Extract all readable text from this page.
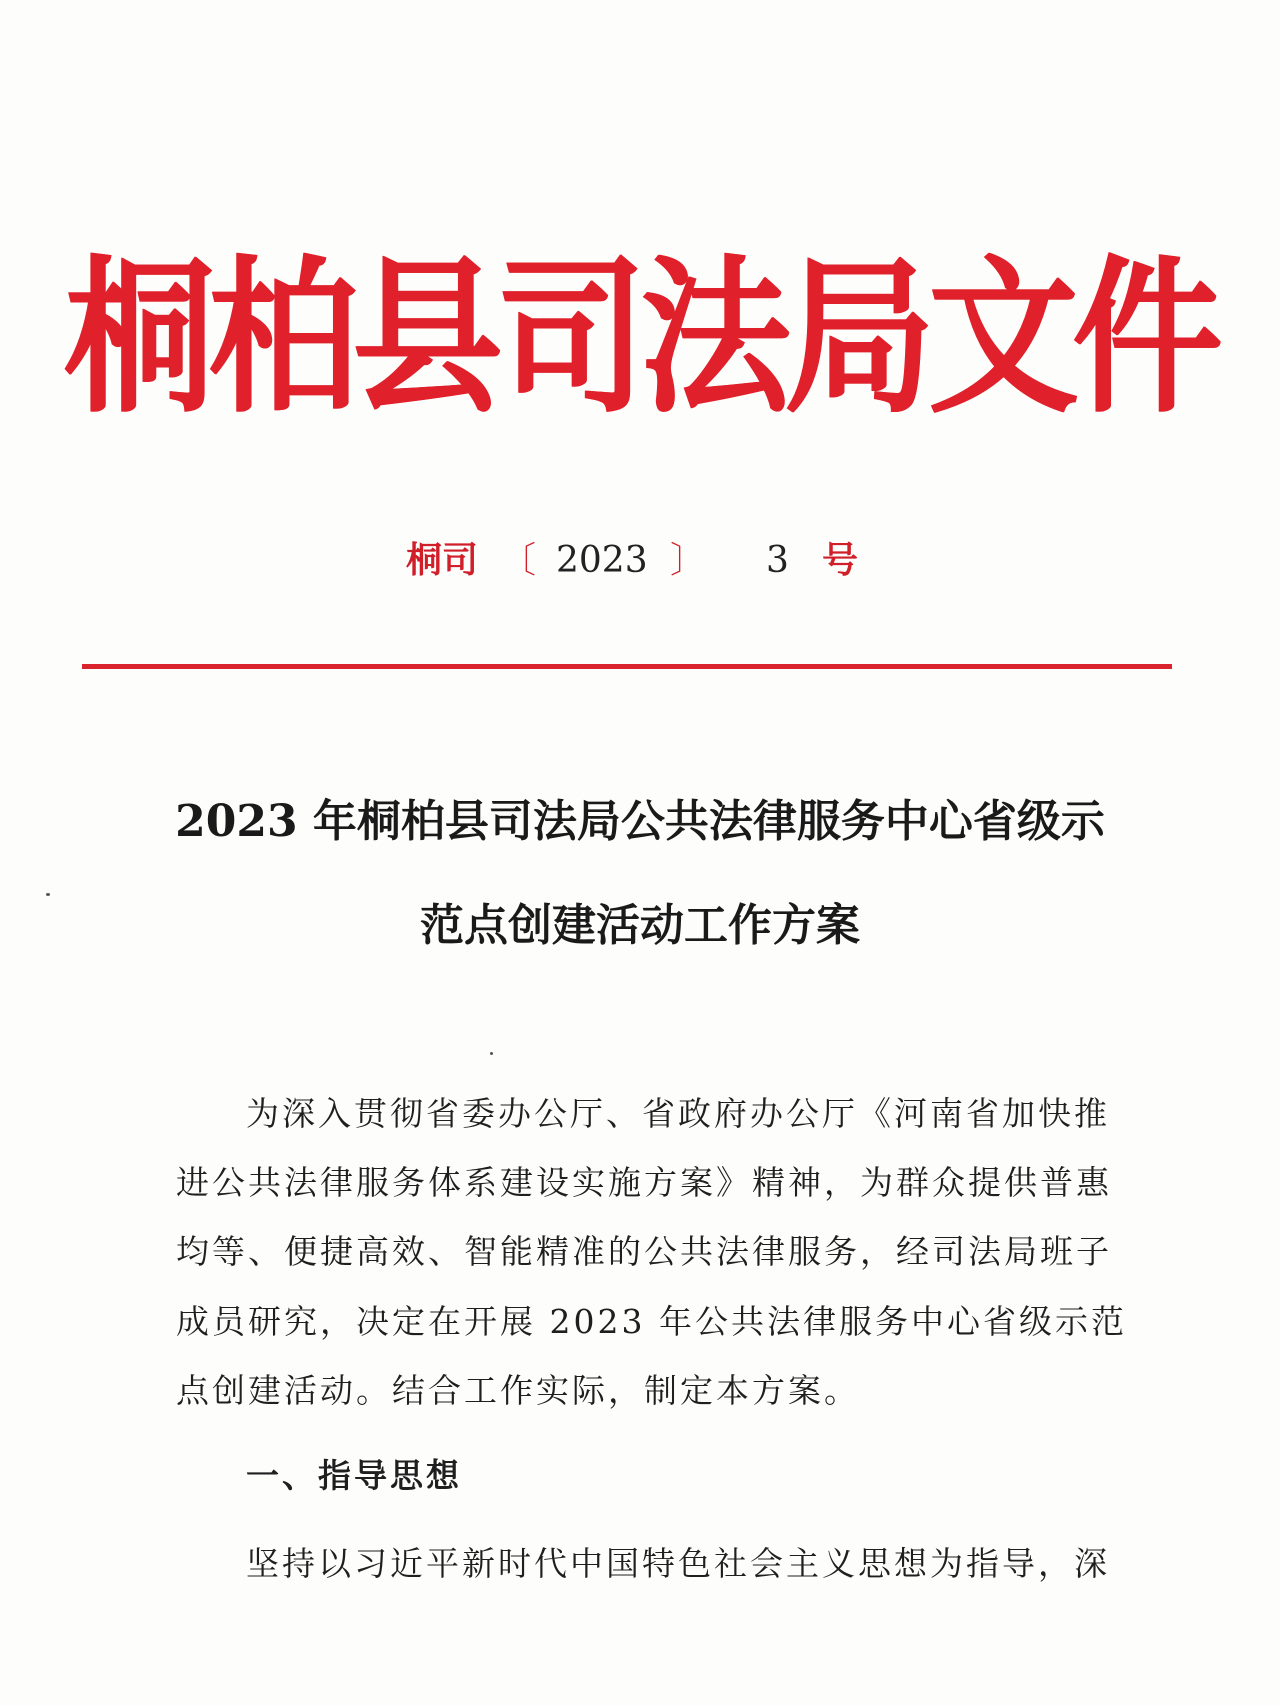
桐柏县司法局文件
桐司 〔 2023 〕 3 号
2023 年桐柏县司法局公共法律服务中心省级示
范点创建活动工作方案
为深入贯彻省委办公厅、省政府办公厅《河南省加快推
进公共法律服务体系建设实施方案》精神，为群众提供普惠
均等、便捷高效、智能精准的公共法律服务，经司法局班子
成员研究，决定在开展 2023 年公共法律服务中心省级示范
点创建活动。结合工作实际，制定本方案。
一、指导思想
坚持以习近平新时代中国特色社会主义思想为指导，深
